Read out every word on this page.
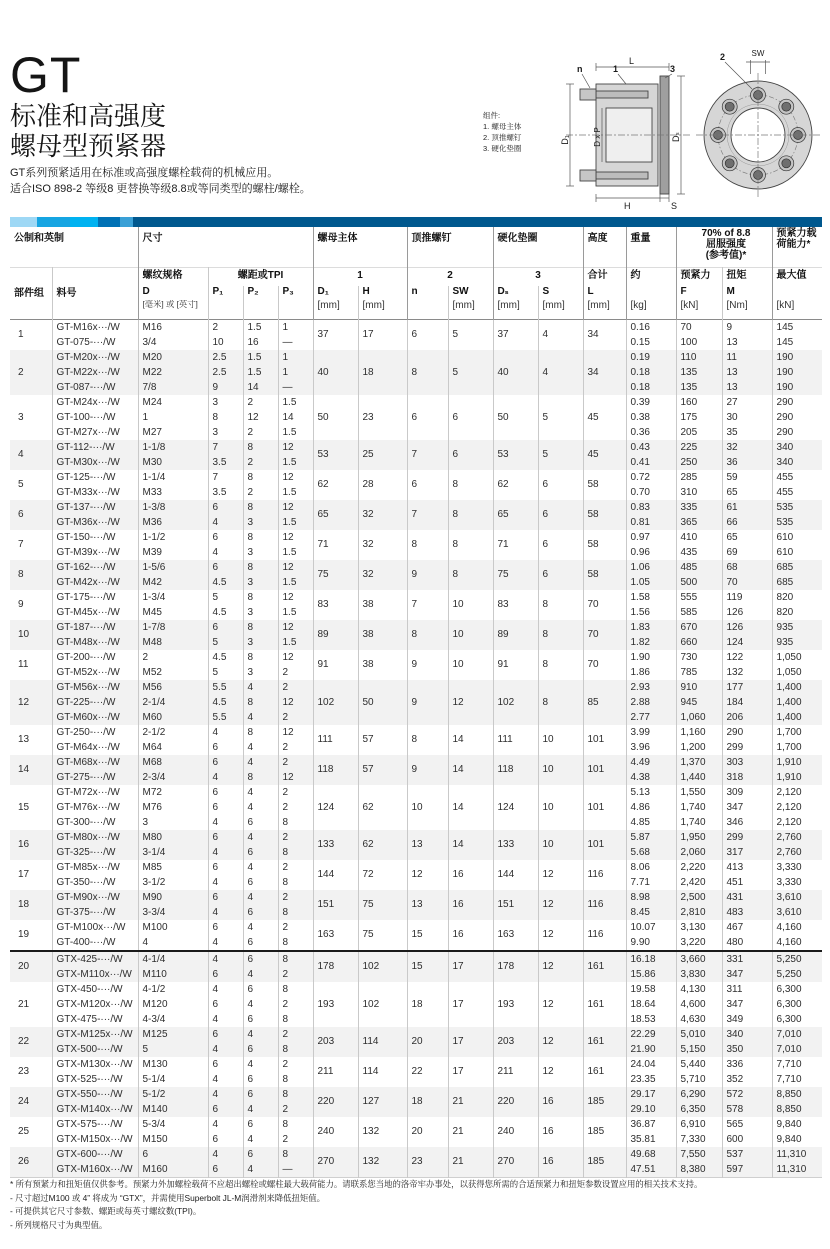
GT
标准和高强度
螺母型预紧器
GT系列预紧适用在标准或高强度螺栓载荷的机械应用。
适合ISO 898-2 等级8 更替换等级8.8或等同类型的螺柱/螺栓。
组件:
1. 螺母主体
2. 顶推螺钉
3. 硬化垫圈
n	1	3
L
D₁	D x P	Dₛ
H	S
2	SW
公制和英制		尺寸				螺母主体		顶推螺钉		硬化垫圈		高度	重量	70% of 8.8
屈服强度
(参考值)*		预紧力载荷能力*
部件组	料号	螺纹规格	螺距或TPI			1		2		3		合计	约	预紧力	扭矩	最大值
		D	P₁	P₂	P₃	D₁	H	n	SW	Dₛ	S	L		F	M	
		[毫米] 或 [英寸]				[mm]	[mm]		[mm]	[mm]	[mm]	[mm]	[kg]	[kN]	[Nm]	[kN]
1	GT-M16x···/W	M16	2	1.5	1	37	17	6	5	37	4	34	0.16	70	9	145
	GT-075-···/W	3/4	10	16	—								0.15	100	13	145
2	GT-M20x···/W	M20	2.5	1.5	1	40	18	8	5	40	4	34	0.19	110	11	190
	GT-M22x···/W	M22	2.5	1.5	1								0.18	135	13	190
	GT-087-···/W	7/8	9	14	—								0.18	135	13	190
3	GT-M24x···/W	M24	3	2	1.5	50	23	6	6	50	5	45	0.39	160	27	290
	GT-100-···/W	1	8	12	14								0.38	175	30	290
	GT-M27x···/W	M27	3	2	1.5								0.36	205	35	290
4	GT-112-···/W	1-1/8	7	8	12	53	25	7	6	53	5	45	0.43	225	32	340
	GT-M30x···/W	M30	3.5	2	1.5								0.41	250	36	340
5	GT-125-···/W	1-1/4	7	8	12	62	28	6	8	62	6	58	0.72	285	59	455
	GT-M33x···/W	M33	3.5	2	1.5								0.70	310	65	455
6	GT-137-···/W	1-3/8	6	8	12	65	32	7	8	65	6	58	0.83	335	61	535
	GT-M36x···/W	M36	4	3	1.5								0.81	365	66	535
7	GT-150-···/W	1-1/2	6	8	12	71	32	8	8	71	6	58	0.97	410	65	610
	GT-M39x···/W	M39	4	3	1.5								0.96	435	69	610
8	GT-162-···/W	1-5/6	6	8	12	75	32	9	8	75	6	58	1.06	485	68	685
	GT-M42x···/W	M42	4.5	3	1.5								1.05	500	70	685
9	GT-175-···/W	1-3/4	5	8	12	83	38	7	10	83	8	70	1.58	555	119	820
	GT-M45x···/W	M45	4.5	3	1.5								1.56	585	126	820
10	GT-187-···/W	1-7/8	6	8	12	89	38	8	10	89	8	70	1.83	670	126	935
	GT-M48x···/W	M48	5	3	1.5								1.82	660	124	935
11	GT-200-···/W	2	4.5	8	12	91	38	9	10	91	8	70	1.90	730	122	1,050
	GT-M52x···/W	M52	5	3	2								1.86	785	132	1,050
12	GT-M56x···/W	M56	5.5	4	2	102	50	9	12	102	8	85	2.93	910	177	1,400
	GT-225-···/W	2-1/4	4.5	8	12								2.88	945	184	1,400
	GT-M60x···/W	M60	5.5	4	2								2.77	1,060	206	1,400
13	GT-250-···/W	2-1/2	4	8	12	111	57	8	14	111	10	101	3.99	1,160	290	1,700
	GT-M64x···/W	M64	6	4	2								3.96	1,200	299	1,700
14	GT-M68x···/W	M68	6	4	2	118	57	9	14	118	10	101	4.49	1,370	303	1,910
	GT-275-···/W	2-3/4	4	8	12								4.38	1,440	318	1,910
15	GT-M72x···/W	M72	6	4	2	124	62	10	14	124	10	101	5.13	1,550	309	2,120
	GT-M76x···/W	M76	6	4	2								4.86	1,740	347	2,120
	GT-300-···/W	3	4	6	8								4.85	1,740	346	2,120
16	GT-M80x···/W	M80	6	4	2	133	62	13	14	133	10	101	5.87	1,950	299	2,760
	GT-325-···/W	3-1/4	4	6	8								5.68	2,060	317	2,760
17	GT-M85x···/W	M85	6	4	2	144	72	12	16	144	12	116	8.06	2,220	413	3,330
	GT-350-···/W	3-1/2	4	6	8								7.71	2,420	451	3,330
18	GT-M90x···/W	M90	6	4	2	151	75	13	16	151	12	116	8.98	2,500	431	3,610
	GT-375-···/W	3-3/4	4	6	8								8.45	2,810	483	3,610
19	GT-M100x···/W	M100	6	4	2	163	75	15	16	163	12	116	10.07	3,130	467	4,160
	GT-400-···/W	4	4	6	8								9.90	3,220	480	4,160
20	GTX-425-···/W	4-1/4	4	6	8	178	102	15	17	178	12	161	16.18	3,660	331	5,250
	GTX-M110x···/W	M110	6	4	2								15.86	3,830	347	5,250
21	GTX-450-···/W	4-1/2	4	6	8	193	102	18	17	193	12	161	19.58	4,130	311	6,300
	GTX-M120x···/W	M120	6	4	2								18.64	4,600	347	6,300
	GTX-475-···/W	4-3/4	4	6	8								18.53	4,630	349	6,300
22	GTX-M125x···/W	M125	6	4	2	203	114	20	17	203	12	161	22.29	5,010	340	7,010
	GTX-500-···/W	5	4	6	8								21.90	5,150	350	7,010
23	GTX-M130x···/W	M130	6	4	2	211	114	22	17	211	12	161	24.04	5,440	336	7,710
	GTX-525-···/W	5-1/4	4	6	8								23.35	5,710	352	7,710
24	GTX-550-···/W	5-1/2	4	6	8	220	127	18	21	220	16	185	29.17	6,290	572	8,850
	GTX-M140x···/W	M140	6	4	2								29.10	6,350	578	8,850
25	GTX-575-···/W	5-3/4	4	6	8	240	132	20	21	240	16	185	36.87	6,910	565	9,840
	GTX-M150x···/W	M150	6	4	2								35.81	7,330	600	9,840
26	GTX-600-···/W	6	4	6	8	270	132	23	21	270	16	185	49.68	7,550	537	11,310
	GTX-M160x···/W	M160	6	4	—								47.51	8,380	597	11,310
* 所有预紧力和扭矩值仅供参考。预紧力外加螺栓载荷不应超出螺栓或螺柱最大载荷能力。请联系您当地的洛帝牢办事处，以获得您所需的合适预紧力和扭矩参数设置应用的相关技术支持。
- 尺寸超过M100 或 4” 将成为 “GTX”，并需使用Superbolt JL-M润滑剂来降低扭矩值。
- 可提供其它尺寸参数、螺距或每英寸螺纹数(TPI)。
- 所列规格尺寸为典型值。
